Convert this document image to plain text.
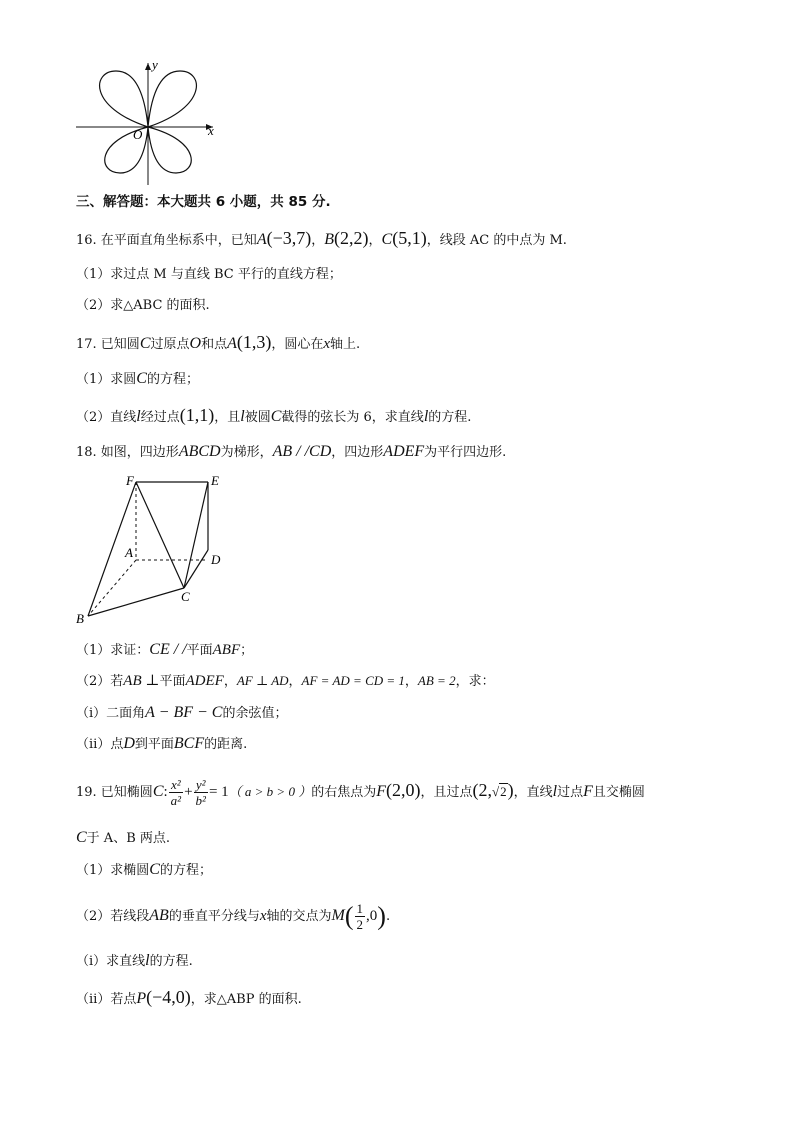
O	x
y
三、解答题：本大题共 6 小题，共 85 分.
16. 在平面直角坐标系中，已知A(−3,7)，B(2,2)，C(5,1)，线段 AC 的中点为 M.
（1）求过点 M 与直线 BC 平行的直线方程；
（2）求△ABC 的面积.
17. 已知圆C过原点O和点A(1,3)，圆心在x轴上.
（1）求圆C的方程；
（2）直线l经过点(1,1)，且l被圆C截得的弦长为 6，求直线l的方程.
18. 如图，四边形ABCD为梯形，AB / /CD，四边形ADEF为平行四边形.
F	E
A	D
C
B
（1）求证：CE / /平面ABF；
（2）若AB ⊥平面ADEF，AF ⊥ AD，AF = AD = CD = 1，AB = 2，求：
（ⅰ）二面角A − BF − C的余弦值；
（ⅱ）点D到平面BCF的距离.
19. 已知椭圆C: $\frac{\text{x²}}{\text{a²}} + \frac{\text{y²}}{\text{b²}} = 1$（ a > b > 0 ）的右焦点为F(2,0)，且过点(2,√2)，直线l过点F且交椭圆
C于 A、B 两点.
（1）求椭圆C的方程；
（2）若线段AB的垂直平分线与x轴的交点为$M( \frac{1}{2} ,0)$.
（ⅰ）求直线l的方程.
（ⅱ）若点P(−4,0)，求△ABP 的面积.
